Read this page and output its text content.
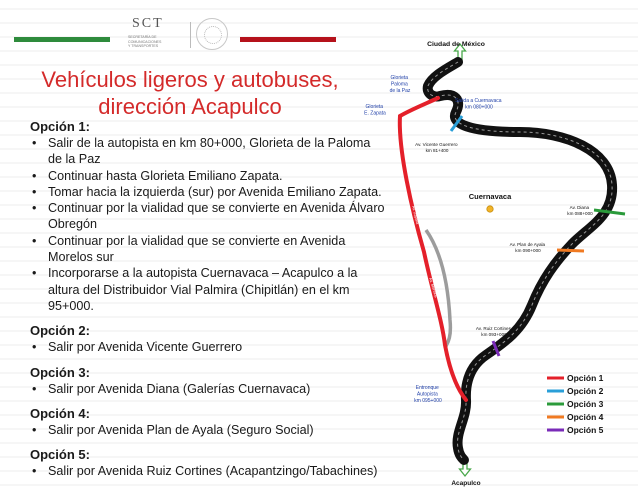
SCT
SECRETARÍA DE
COMUNICACIONES
Y TRANSPORTES
Vehículos ligeros y autobuses,
dirección Acapulco

Opción 1:

• Salir de la autopista en km 80+000, Glorieta de la Paloma de la Paz
• Continuar hasta Glorieta Emiliano Zapata.
• Tomar hacia la izquierda (sur) por Avenida Emiliano Zapata.
• Continuar por la vialidad que se convierte en Avenida Álvaro Obregón
• Continuar por la vialidad que se convierte en Avenida Morelos sur
• Incorporarse a la autopista Cuernavaca – Acapulco a la altura del Distribuidor Vial Palmira (Chipitlán) en el km 95+000.

Opción 2:

• Salir por Avenida Vicente Guerrero

Opción 3:

• Salir por Avenida Diana (Galerías Cuernavaca)

Opción 4:

• Salir por Avenida Plan de Ayala (Seguro Social)

Opción 5:

• Salir por Avenida Ruiz Cortines (Acapantzingo/Tabachines)
Ciudad de México
Acapulco
Cuernavaca
Glorieta Paloma de la Paz
Glorieta E. Zapata
Salida a Cuernavaca km 080+000
Av. Vicente Guerrero km 81+400
Av. Diana km 088+000
Av. Plan de Ayala km 090+000
Av. Ruiz Cortines km 093+000
Entronque Autopista km 095+000
Av. Zapata
Av. Morelos
Opción 1
Opción 2
Opción 3
Opción 4
Opción 5
